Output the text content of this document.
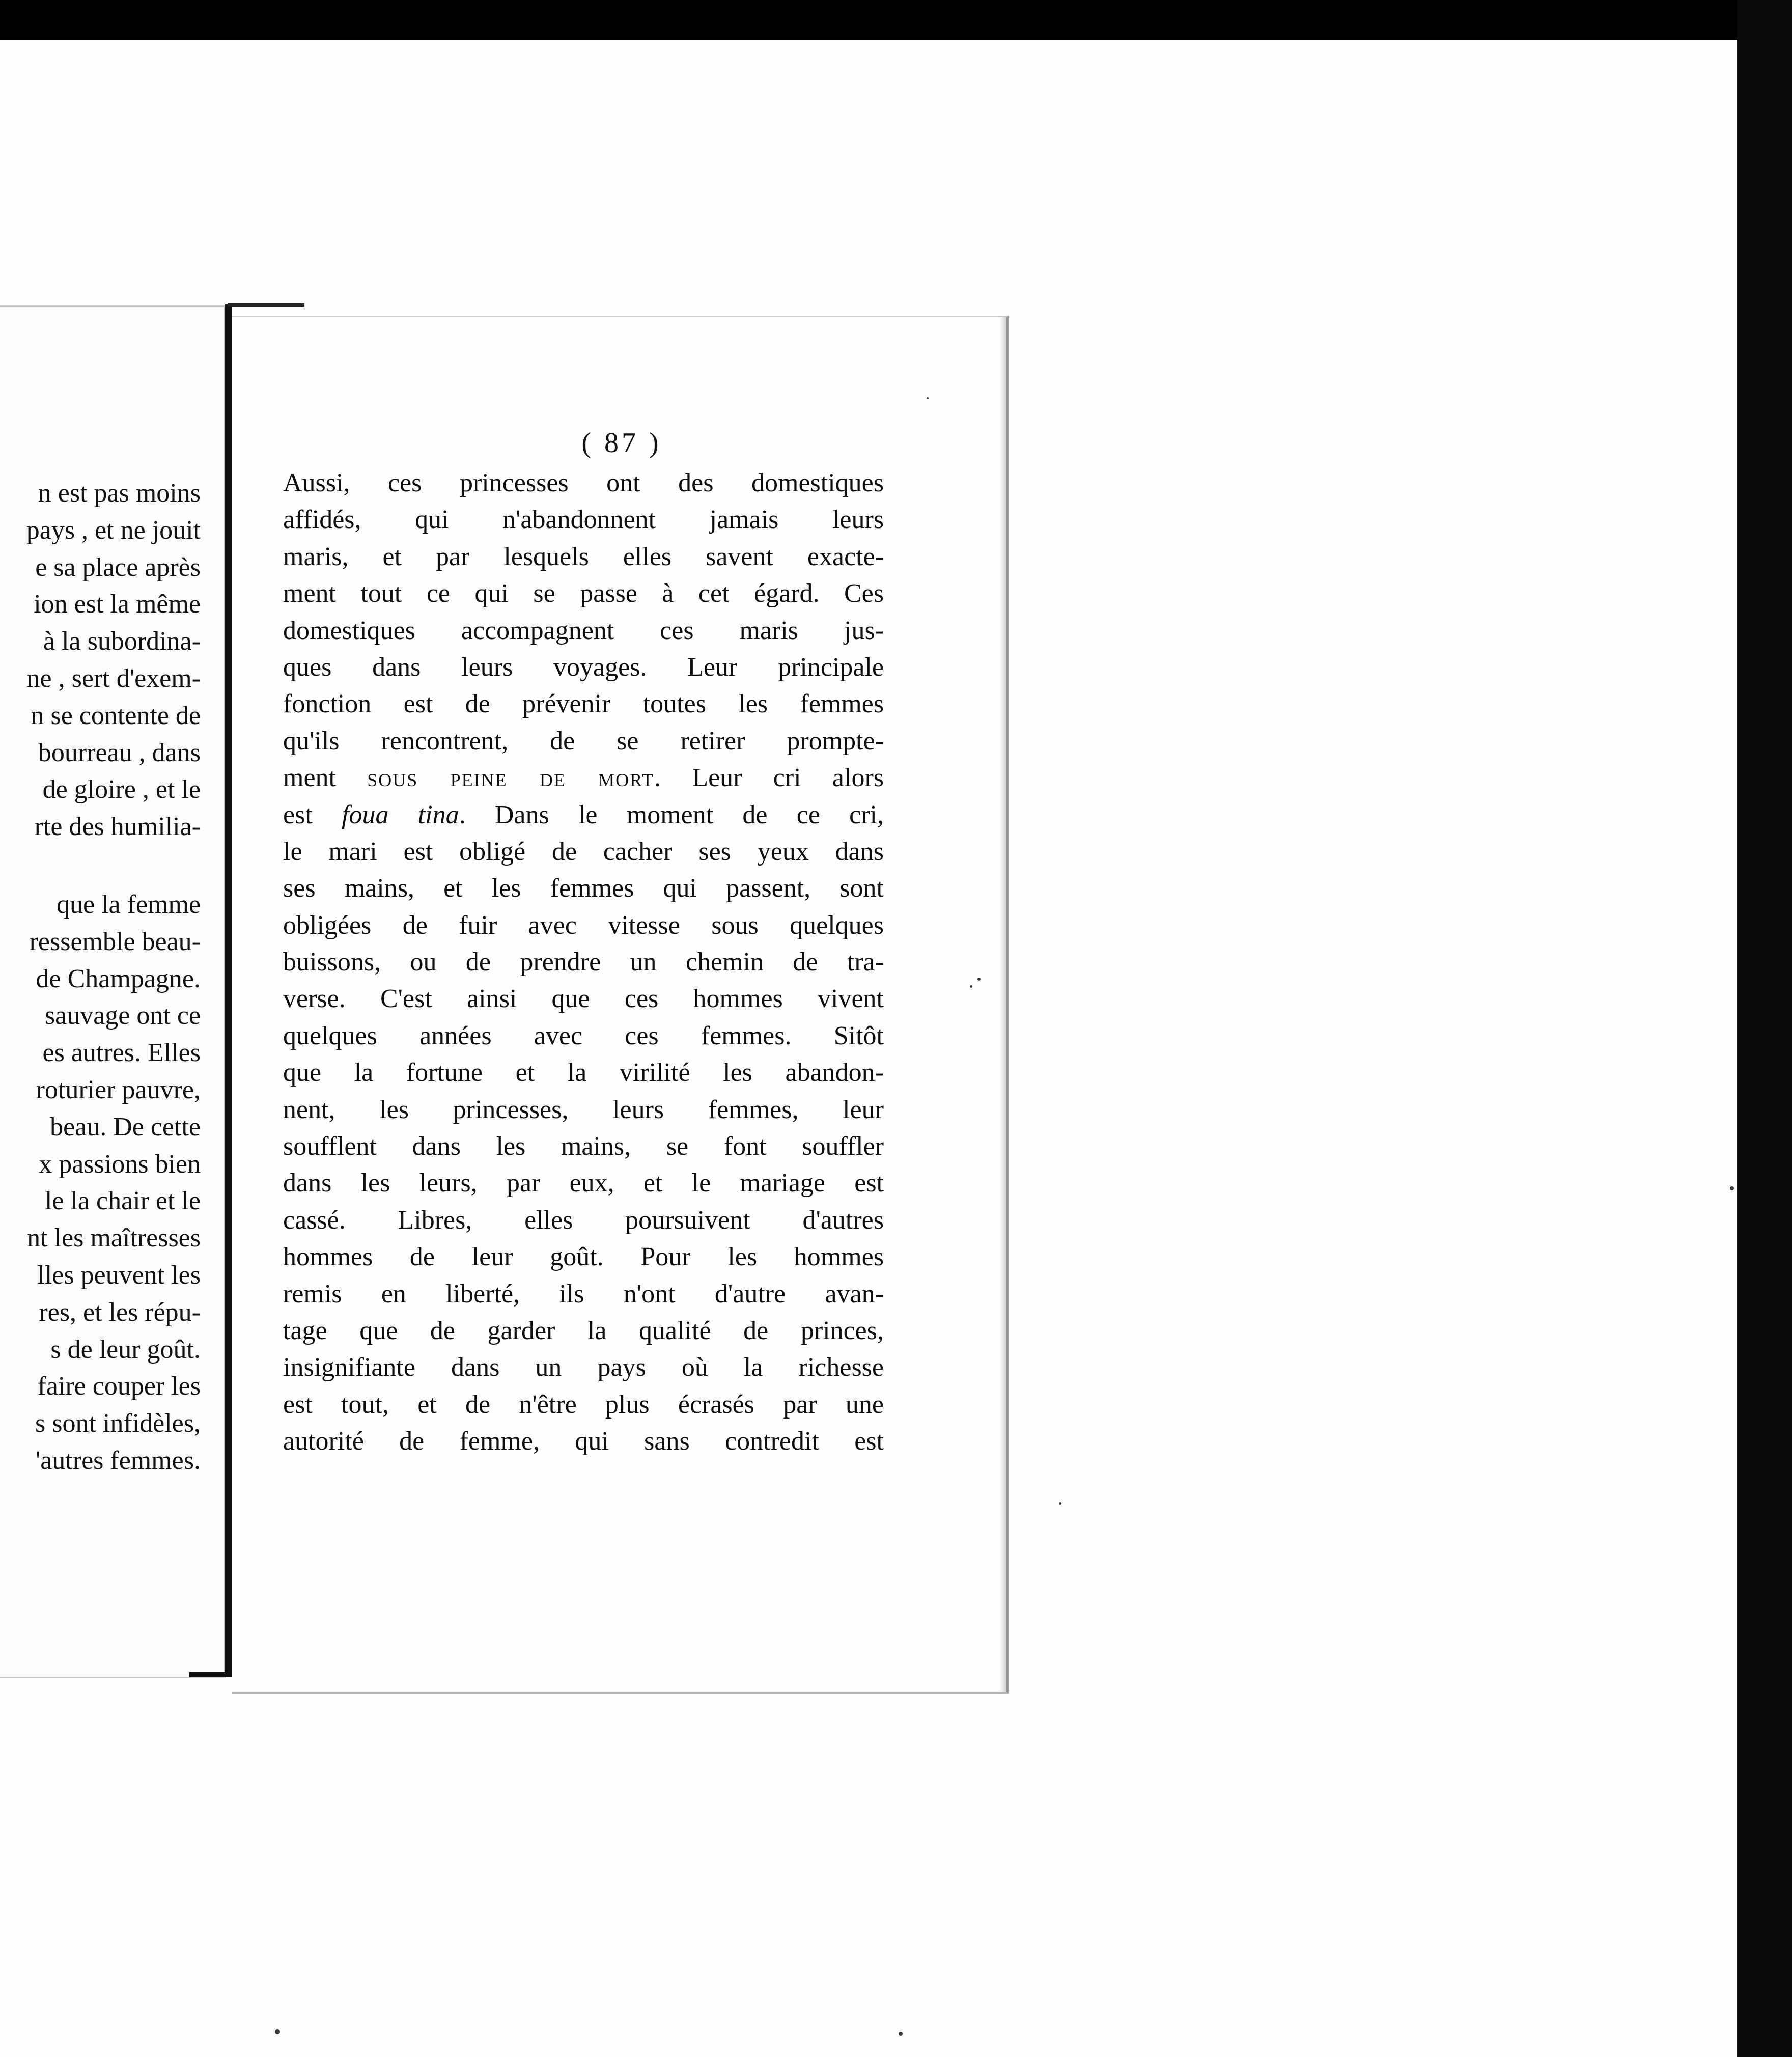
n est pas moins
pays , et ne jouit
e sa place après
ion est la même
à la subordina-
ne , sert d'exem-
n se contente de
bourreau , dans
de gloire , et le
rte des humilia-
que la femme
ressemble beau-
de Champagne.
sauvage ont ce
es autres. Elles
roturier pauvre,
beau. De cette
x passions bien
le la chair et le
nt les maîtresses
lles peuvent les
res, et les répu-
s de leur goût.
faire couper les
s sont infidèles,
'autres femmes.
( 87 )
Aussi, ces princesses ont des domestiques
affidés, qui n'abandonnent jamais leurs
maris, et par lesquels elles savent exacte-
ment tout ce qui se passe à cet égard. Ces
domestiques accompagnent ces maris jus-
ques dans leurs voyages. Leur principale
fonction est de prévenir toutes les femmes
qu'ils rencontrent, de se retirer prompte-
ment sous peine de mort. Leur cri alors
est foua tina. Dans le moment de ce cri,
le mari est obligé de cacher ses yeux dans
ses mains, et les femmes qui passent, sont
obligées de fuir avec vitesse sous quelques
buissons, ou de prendre un chemin de tra-
verse. C'est ainsi que ces hommes vivent
quelques années avec ces femmes. Sitôt
que la fortune et la virilité les abandon-
nent, les princesses, leurs femmes, leur
soufflent dans les mains, se font souffler
dans les leurs, par eux, et le mariage est
cassé. Libres, elles poursuivent d'autres
hommes de leur goût. Pour les hommes
remis en liberté, ils n'ont d'autre avan-
tage que de garder la qualité de princes,
insignifiante dans un pays où la richesse
est tout, et de n'être plus écrasés par une
autorité de femme, qui sans contredit est
